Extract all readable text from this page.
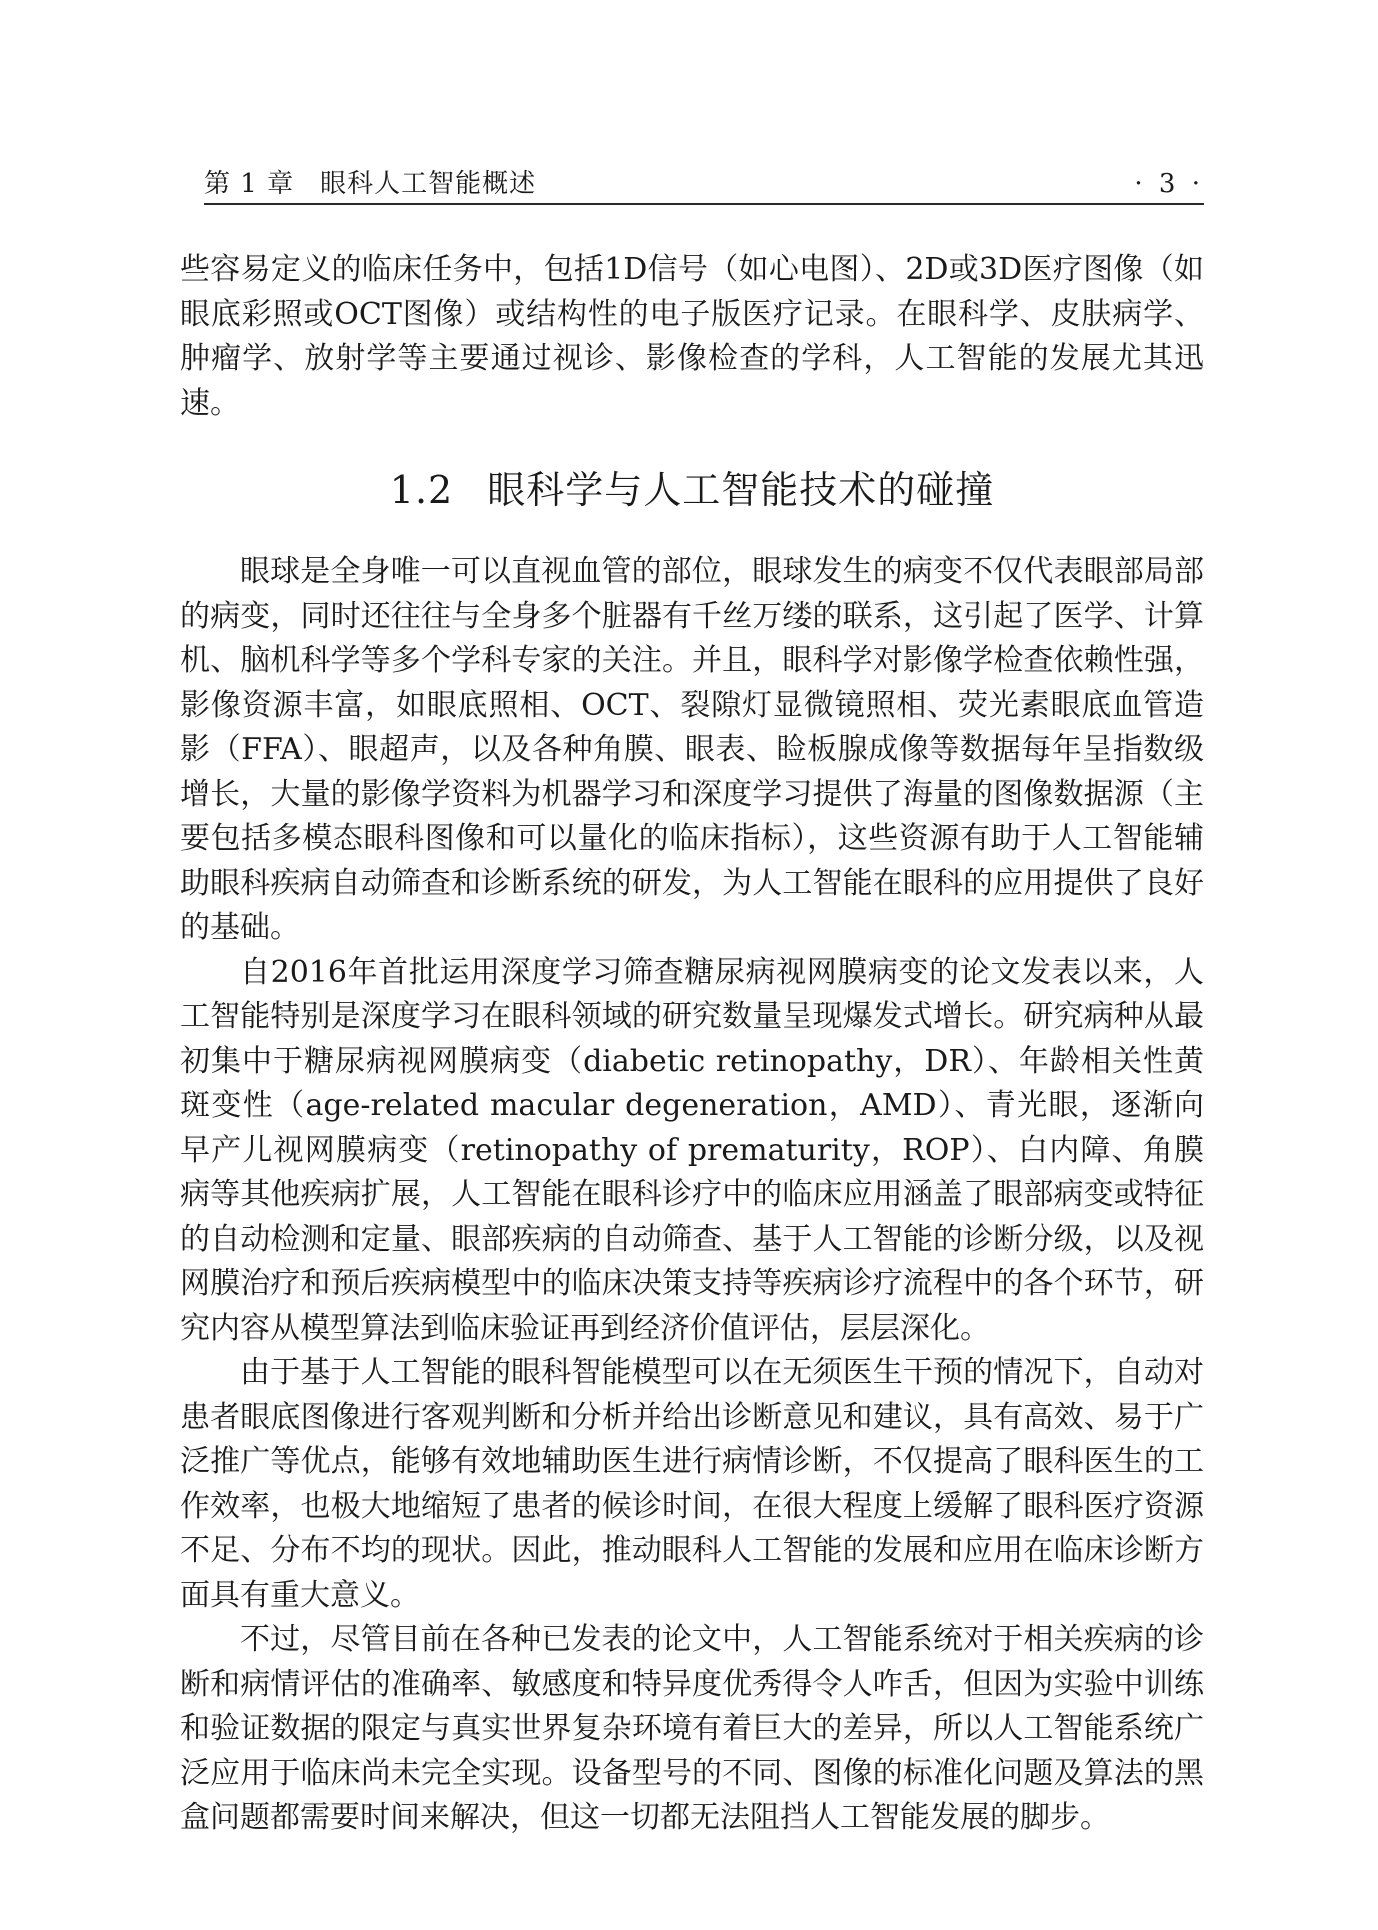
第 1 章 眼科人工智能概述	· 3 ·

些容易定义的临床任务中，包括1D信号（如心电图）、2D或3D医疗图像（如眼底彩照或OCT图像）或结构性的电子版医疗记录。在眼科学、皮肤病学、肿瘤学、放射学等主要通过视诊、影像检查的学科，人工智能的发展尤其迅速。

1.2 眼科学与人工智能技术的碰撞

眼球是全身唯一可以直视血管的部位，眼球发生的病变不仅代表眼部局部的病变，同时还往往与全身多个脏器有千丝万缕的联系，这引起了医学、计算机、脑机科学等多个学科专家的关注。并且，眼科学对影像学检查依赖性强，影像资源丰富，如眼底照相、OCT、裂隙灯显微镜照相、荧光素眼底血管造影（FFA）、眼超声，以及各种角膜、眼表、睑板腺成像等数据每年呈指数级增长，大量的影像学资料为机器学习和深度学习提供了海量的图像数据源（主要包括多模态眼科图像和可以量化的临床指标），这些资源有助于人工智能辅助眼科疾病自动筛查和诊断系统的研发，为人工智能在眼科的应用提供了良好的基础。

自2016年首批运用深度学习筛查糖尿病视网膜病变的论文发表以来，人工智能特别是深度学习在眼科领域的研究数量呈现爆发式增长。研究病种从最初集中于糖尿病视网膜病变（diabetic retinopathy，DR）、年龄相关性黄斑变性（age-related macular degeneration，AMD）、青光眼，逐渐向早产儿视网膜病变（retinopathy of prematurity，ROP）、白内障、角膜病等其他疾病扩展，人工智能在眼科诊疗中的临床应用涵盖了眼部病变或特征的自动检测和定量、眼部疾病的自动筛查、基于人工智能的诊断分级，以及视网膜治疗和预后疾病模型中的临床决策支持等疾病诊疗流程中的各个环节，研究内容从模型算法到临床验证再到经济价值评估，层层深化。

由于基于人工智能的眼科智能模型可以在无须医生干预的情况下，自动对患者眼底图像进行客观判断和分析并给出诊断意见和建议，具有高效、易于广泛推广等优点，能够有效地辅助医生进行病情诊断，不仅提高了眼科医生的工作效率，也极大地缩短了患者的候诊时间，在很大程度上缓解了眼科医疗资源不足、分布不均的现状。因此，推动眼科人工智能的发展和应用在临床诊断方面具有重大意义。

不过，尽管目前在各种已发表的论文中，人工智能系统对于相关疾病的诊断和病情评估的准确率、敏感度和特异度优秀得令人咋舌，但因为实验中训练和验证数据的限定与真实世界复杂环境有着巨大的差异，所以人工智能系统广泛应用于临床尚未完全实现。设备型号的不同、图像的标准化问题及算法的黑盒问题都需要时间来解决，但这一切都无法阻挡人工智能发展的脚步。
